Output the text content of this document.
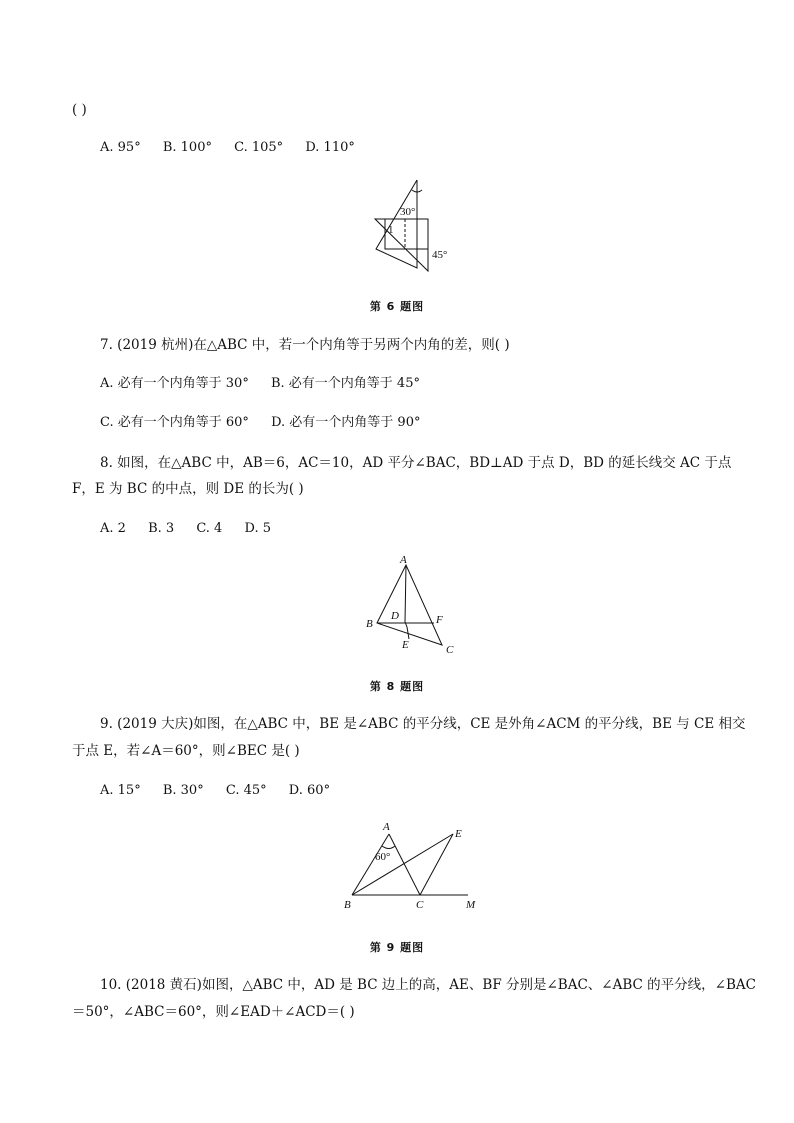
( )
A. 95° B. 100° C. 105° D. 110°
30°
1
45°
第 6 题图
7. (2019 杭州)在△ABC 中，若一个内角等于另两个内角的差，则( )
A. 必有一个内角等于 30° B. 必有一个内角等于 45°
C. 必有一个内角等于 60° D. 必有一个内角等于 90°
8. 如图，在△ABC 中，AB＝6，AC＝10，AD 平分∠BAC，BD⊥AD 于点 D，BD 的延长线交 AC 于点
F，E 为 BC 的中点，则 DE 的长为( )
A. 2 B. 3 C. 4 D. 5
A
B
C
D
E
F
第 8 题图
9. (2019 大庆)如图，在△ABC 中，BE 是∠ABC 的平分线，CE 是外角∠ACM 的平分线，BE 与 CE 相交
于点 E，若∠A＝60°，则∠BEC 是( )
A. 15° B. 30° C. 45° D. 60°
A
B	C
E
M
60°
第 9 题图
10. (2018 黄石)如图，△ABC 中，AD 是 BC 边上的高，AE、BF 分别是∠BAC、∠ABC 的平分线，∠BAC
＝50°，∠ABC＝60°，则∠EAD＋∠ACD＝( )
